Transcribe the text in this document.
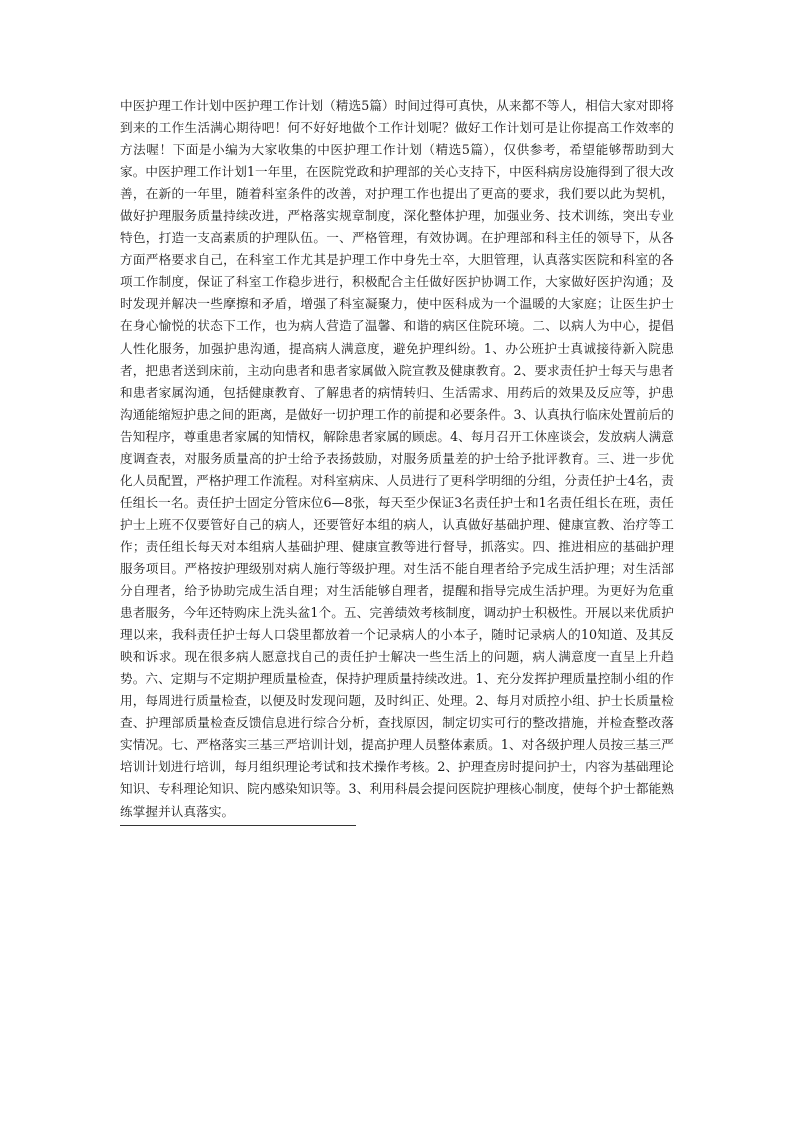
中医护理工作计划中医护理工作计划（精选5篇）时间过得可真快，从来都不等人，相信大家对即将到来的工作生活满心期待吧！何不好好地做个工作计划呢？做好工作计划可是让你提高工作效率的方法喔！下面是小编为大家收集的中医护理工作计划（精选5篇），仅供参考，希望能够帮助到大家。中医护理工作计划1一年里，在医院党政和护理部的关心支持下，中医科病房设施得到了很大改善，在新的一年里，随着科室条件的改善，对护理工作也提出了更高的要求，我们要以此为契机，做好护理服务质量持续改进，严格落实规章制度，深化整体护理，加强业务、技术训练，突出专业特色，打造一支高素质的护理队伍。一、严格管理，有效协调。在护理部和科主任的领导下，从各方面严格要求自己，在科室工作尤其是护理工作中身先士卒，大胆管理，认真落实医院和科室的各项工作制度，保证了科室工作稳步进行，积极配合主任做好医护协调工作，大家做好医护沟通；及时发现并解决一些摩擦和矛盾，增强了科室凝聚力，使中医科成为一个温暖的大家庭；让医生护士在身心愉悦的状态下工作，也为病人营造了温馨、和谐的病区住院环境。二、以病人为中心，提倡人性化服务，加强护患沟通，提高病人满意度，避免护理纠纷。1、办公班护士真诚接待新入院患者，把患者送到床前，主动向患者和患者家属做入院宣教及健康教育。2、要求责任护士每天与患者和患者家属沟通，包括健康教育、了解患者的病情转归、生活需求、用药后的效果及反应等，护患沟通能缩短护患之间的距离，是做好一切护理工作的前提和必要条件。3、认真执行临床处置前后的告知程序，尊重患者家属的知情权，解除患者家属的顾虑。4、每月召开工休座谈会，发放病人满意度调查表，对服务质量高的护士给予表扬鼓励，对服务质量差的护士给予批评教育。三、进一步优化人员配置，严格护理工作流程。对科室病床、人员进行了更科学明细的分组，分责任护士4名，责任组长一名。责任护士固定分管床位6—8张，每天至少保证3名责任护士和1名责任组长在班，责任护士上班不仅要管好自己的病人，还要管好本组的病人，认真做好基础护理、健康宣教、治疗等工作；责任组长每天对本组病人基础护理、健康宣教等进行督导，抓落实。四、推进相应的基础护理服务项目。严格按护理级别对病人施行等级护理。对生活不能自理者给予完成生活护理；对生活部分自理者，给予协助完成生活自理；对生活能够自理者，提醒和指导完成生活护理。为更好为危重患者服务，今年还特购床上洗头盆1个。五、完善绩效考核制度，调动护士积极性。开展以来优质护理以来，我科责任护士每人口袋里都放着一个记录病人的小本子，随时记录病人的10知道、及其反映和诉求。现在很多病人愿意找自己的责任护士解决一些生活上的问题，病人满意度一直呈上升趋势。六、定期与不定期护理质量检查，保持护理质量持续改进。1、充分发挥护理质量控制小组的作用，每周进行质量检查，以便及时发现问题，及时纠正、处理。2、每月对质控小组、护士长质量检查、护理部质量检查反馈信息进行综合分析，查找原因，制定切实可行的整改措施，并检查整改落实情况。七、严格落实三基三严培训计划，提高护理人员整体素质。1、对各级护理人员按三基三严培训计划进行培训，每月组织理论考试和技术操作考核。2、护理查房时提问护士，内容为基础理论知识、专科理论知识、院内感染知识等。3、利用科晨会提问医院护理核心制度，使每个护士都能熟练掌握并认真落实。
